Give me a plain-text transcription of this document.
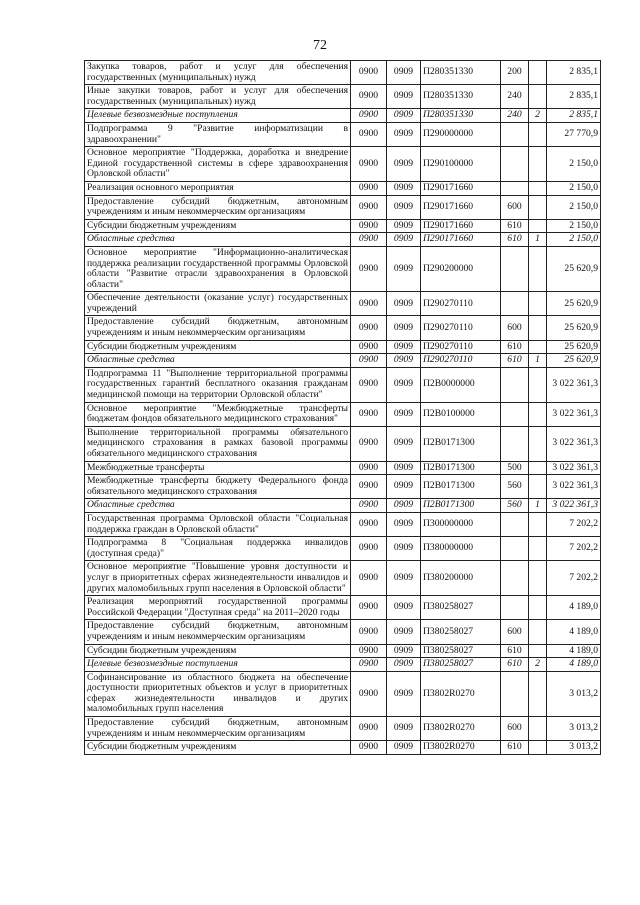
72
Закупка товаров, работ и услуг для обеспечения государственных (муниципальных) нужд	0900	0909	П280351330	200		2 835,1
Иные закупки товаров, работ и услуг для обеспечения государственных (муниципальных) нужд	0900	0909	П280351330	240		2 835,1
Целевые безвозмездные поступления	0900	0909	П280351330	240	2	2 835,1
Подпрограмма 9 "Развитие информатизации в здравоохранении"	0900	0909	П290000000			27 770,9
Основное мероприятие "Поддержка, доработка и внедрение Единой государственной системы в сфере здравоохранения Орловской области"	0900	0909	П290100000			2 150,0
Реализация основного мероприятия	0900	0909	П290171660			2 150,0
Предоставление субсидий бюджетным, автономным учреждениям и иным некоммерческим организациям	0900	0909	П290171660	600		2 150,0
Субсидии бюджетным учреждениям	0900	0909	П290171660	610		2 150,0
Областные средства	0900	0909	П290171660	610	1	2 150,0
Основное мероприятие "Информационно-аналитическая поддержка реализации государственной программы Орловской области "Развитие отрасли здравоохранения в Орловской области"	0900	0909	П290200000			25 620,9
Обеспечение деятельности (оказание услуг) государственных учреждений	0900	0909	П290270110			25 620,9
Предоставление субсидий бюджетным, автономным учреждениям и иным некоммерческим организациям	0900	0909	П290270110	600		25 620,9
Субсидии бюджетным учреждениям	0900	0909	П290270110	610		25 620,9
Областные средства	0900	0909	П290270110	610	1	25 620,9
Подпрограмма 11 "Выполнение территориальной программы государственных гарантий бесплатного оказания гражданам медицинской помощи на территории Орловской области"	0900	0909	П2В0000000			3 022 361,3
Основное мероприятие "Межбюджетные трансферты бюджетам фондов обязательного медицинского страхования"	0900	0909	П2В0100000			3 022 361,3
Выполнение территориальной программы обязательного медицинского страхования в рамках базовой программы обязательного медицинского страхования	0900	0909	П2В0171300			3 022 361,3
Межбюджетные трансферты	0900	0909	П2В0171300	500		3 022 361,3
Межбюджетные трансферты бюджету Федерального фонда обязательного медицинского страхования	0900	0909	П2В0171300	560		3 022 361,3
Областные средства	0900	0909	П2В0171300	560	1	3 022 361,3
Государственная программа Орловской области "Социальная поддержка граждан в Орловской области"	0900	0909	П300000000			7 202,2
Подпрограмма 8 "Социальная поддержка инвалидов (доступная среда)"	0900	0909	П380000000			7 202,2
Основное мероприятие "Повышение уровня доступности и услуг в приоритетных сферах жизнедеятельности инвалидов и других маломобильных групп населения в Орловской области"	0900	0909	П380200000			7 202,2
Реализация мероприятий государственной программы Российской Федерации "Доступная среда" на 2011–2020 годы	0900	0909	П380258027			4 189,0
Предоставление субсидий бюджетным, автономным учреждениям и иным некоммерческим организациям	0900	0909	П380258027	600		4 189,0
Субсидии бюджетным учреждениям	0900	0909	П380258027	610		4 189,0
Целевые безвозмездные поступления	0900	0909	П380258027	610	2	4 189,0
Софинансирование из областного бюджета на обеспечение доступности приоритетных объектов и услуг в приоритетных сферах жизнедеятельности инвалидов и других маломобильных групп населения	0900	0909	П3802R0270			3 013,2
Предоставление субсидий бюджетным, автономным учреждениям и иным некоммерческим организациям	0900	0909	П3802R0270	600		3 013,2
Субсидии бюджетным учреждениям	0900	0909	П3802R0270	610		3 013,2
